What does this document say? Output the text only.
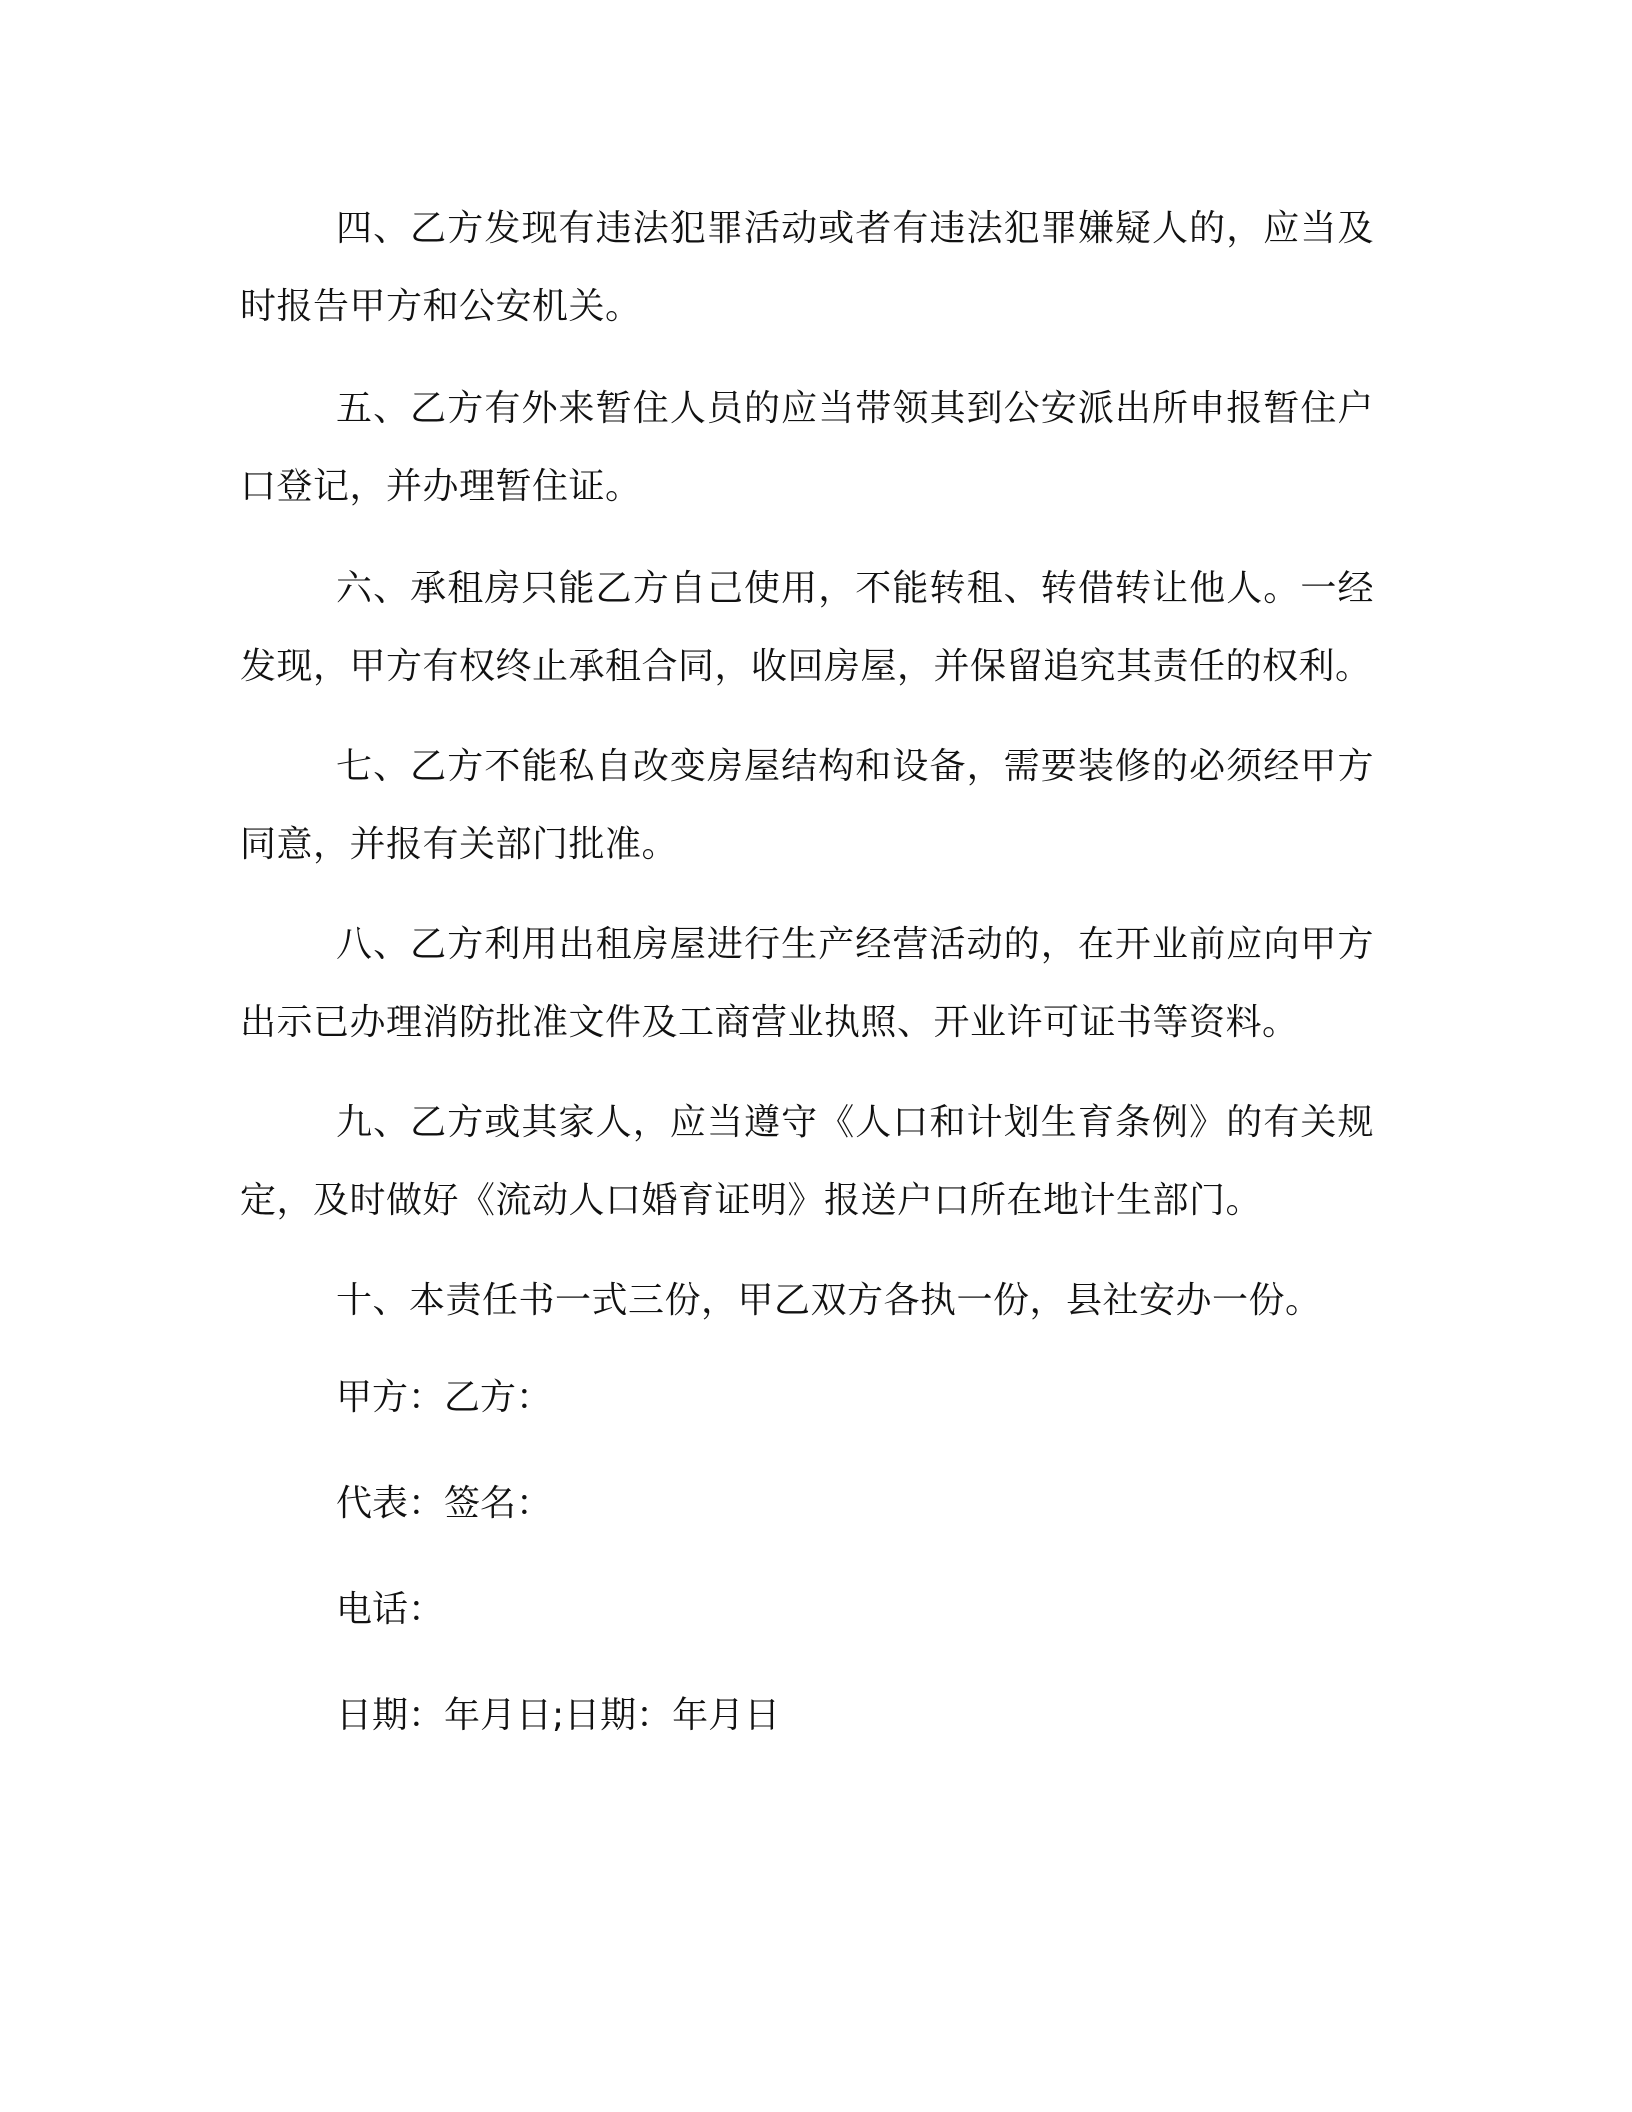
四、乙方发现有违法犯罪活动或者有违法犯罪嫌疑人的，应当及时报告甲方和公安机关。

五、乙方有外来暂住人员的应当带领其到公安派出所申报暂住户口登记，并办理暂住证。

六、承租房只能乙方自己使用，不能转租、转借转让他人。一经发现，甲方有权终止承租合同，收回房屋，并保留追究其责任的权利。

七、乙方不能私自改变房屋结构和设备，需要装修的必须经甲方同意，并报有关部门批准。

八、乙方利用出租房屋进行生产经营活动的，在开业前应向甲方出示已办理消防批准文件及工商营业执照、开业许可证书等资料。

九、乙方或其家人，应当遵守《人口和计划生育条例》的有关规定，及时做好《流动人口婚育证明》报送户口所在地计生部门。

十、本责任书一式三份，甲乙双方各执一份，县社安办一份。

甲方：乙方：

代表：签名：

电话：

日期：年月日;日期：年月日
